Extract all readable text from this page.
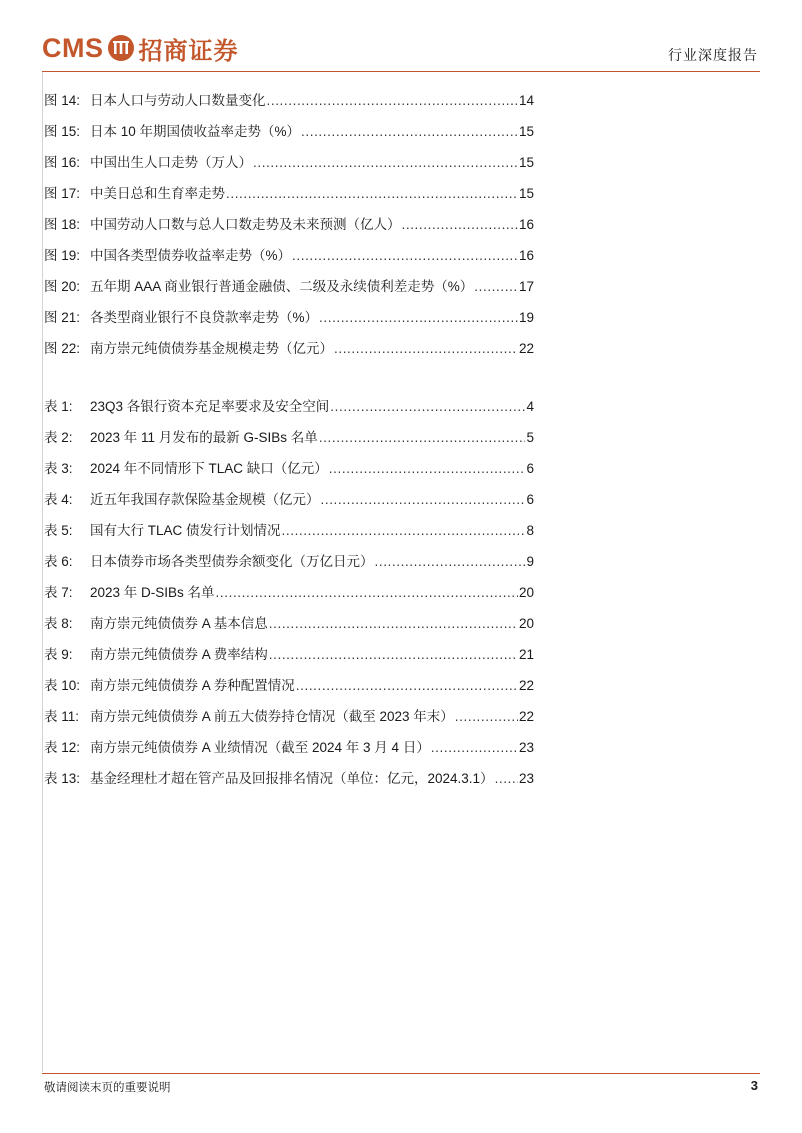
CMS 招商证券	行业深度报告
图 14: 日本人口与劳动人口数量变化 .....	14
图 15: 日本 10 年期国债收益率走势（%） .....	15
图 16: 中国出生人口走势（万人） .....	15
图 17: 中美日总和生育率走势 .....	15
图 18: 中国劳动人口数与总人口数走势及未来预测（亿人） .....	16
图 19: 中国各类型债券收益率走势（%） .....	16
图 20: 五年期 AAA 商业银行普通金融债、二级及永续债利差走势（%） .....	17
图 21: 各类型商业银行不良贷款率走势（%） .....	19
图 22: 南方崇元纯债债券基金规模走势（亿元） .....	22
表 1:	23Q3 各银行资本充足率要求及安全空间 .....	4
表 2:	2023 年 11 月发布的最新 G-SIBs 名单 .....	5
表 3:	2024 年不同情形下 TLAC 缺口（亿元） .....	6
表 4:	近五年我国存款保险基金规模（亿元） .....	6
表 5:	国有大行 TLAC 债发行计划情况 .....	8
表 6:	日本债券市场各类型债券余额变化（万亿日元） .....	9
表 7:	2023 年 D-SIBs 名单 .....	20
表 8:	南方崇元纯债债券 A 基本信息 .....	20
表 9:	南方崇元纯债债券 A 费率结构 .....	21
表 10: 南方崇元纯债债券 A 券种配置情况 .....	22
表 11: 南方崇元纯债债券 A 前五大债券持仓情况（截至 2023 年末） .....	22
表 12: 南方崇元纯债债券 A 业绩情况（截至 2024 年 3 月 4 日） .....	23
表 13: 基金经理杜才超在管产品及回报排名情况（单位：亿元，2024.3.1） ..... 23
敬请阅读末页的重要说明	3
